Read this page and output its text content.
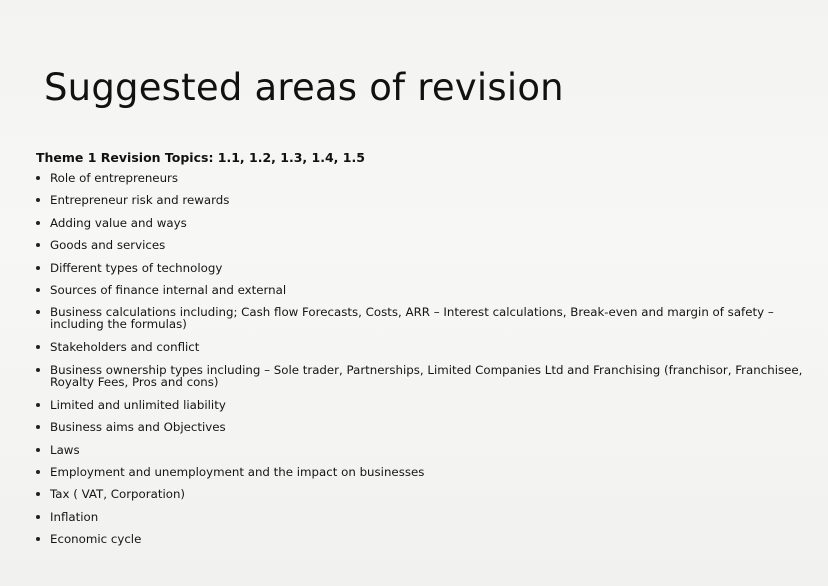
Suggested areas of revision

Theme 1 Revision Topics: 1.1, 1.2, 1.3, 1.4, 1.5

Role of entrepreneurs
Entrepreneur risk and rewards
Adding value and ways
Goods and services
Different types of technology
Sources of finance internal and external
Business calculations including; Cash flow Forecasts, Costs, ARR – Interest calculations, Break-even and margin of safety – including the formulas)
Stakeholders and conflict
Business ownership types including – Sole trader, Partnerships, Limited Companies Ltd and Franchising (franchisor, Franchisee, Royalty Fees, Pros and cons)
Limited and unlimited liability
Business aims and Objectives
Laws
Employment and unemployment and the impact on businesses
Tax ( VAT, Corporation)
Inflation
Economic cycle
